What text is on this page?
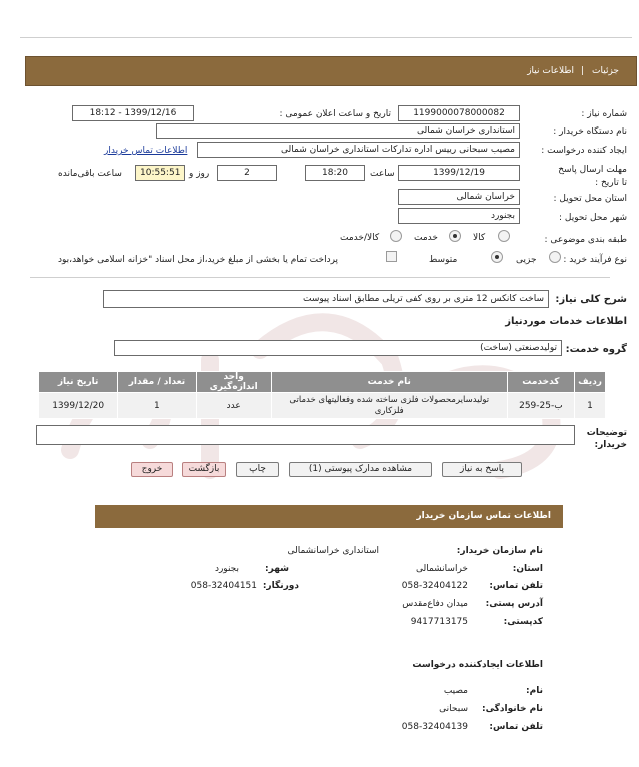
جزئیات
|
اطلاعات نیاز
شماره نیاز :
1199000078000082
تاریخ و ساعت اعلان عمومی :
18:12 - 1399/12/16
نام دستگاه خریدار :
استانداری خراسان شمالی
ایجاد کننده درخواست :
مصیب سبحانی رییس اداره تدارکات استانداری خراسان شمالی
اطلاعات تماس خریدار
مهلت ارسال پاسخ تا تاریخ :
1399/12/19
ساعت
18:20
2
روز و
10:55:51
ساعت باقی‌مانده
استان محل تحویل :
خراسان شمالی
شهر محل تحویل :
بجنورد
طبقه بندی موضوعی :
کالا
خدمت
کالا/خدمت
نوع فرآیند خرید :
جزیی
متوسط
پرداخت تمام یا بخشی از مبلغ خرید،از محل اسناد "خزانه اسلامی خواهد،بود
شرح کلی نیاز:
ساخت کانکس 12 متری بر روی کفی تریلی مطابق اسناد پیوست
اطلاعات خدمات موردنیاز
گروه خدمت:
تولیدصنعتی (ساخت)
ردیف	کدخدمت	نام خدمت	واحد اندازه‌گیری	تعداد / مقدار	تاریخ نیاز
1	ب-25-259	تولیدسایرمحصولات فلزی ساخته شده وفعالیتهای خدماتی فلزکاری	عدد	1	1399/12/20
توضیحات خریدار:
پاسخ به نیاز
مشاهده مدارک پیوستی (1)
چاپ
بازگشت
خروج
اطلاعات تماس سازمان خریدار
نام سازمان خریدار:
استانداری خراسانشمالی
استان:
خراسانشمالی
شهر:
بجنورد
تلفن تماس:
058-32404122
دورنگار:
058-32404151
آدرس پستی:
میدان دفاع‌مقدس
کدپستی:
9417713175
اطلاعات ایجادکننده درخواست
نام:
مصیب
نام خانوادگی:
سبحانی
تلفن تماس:
058-32404139
